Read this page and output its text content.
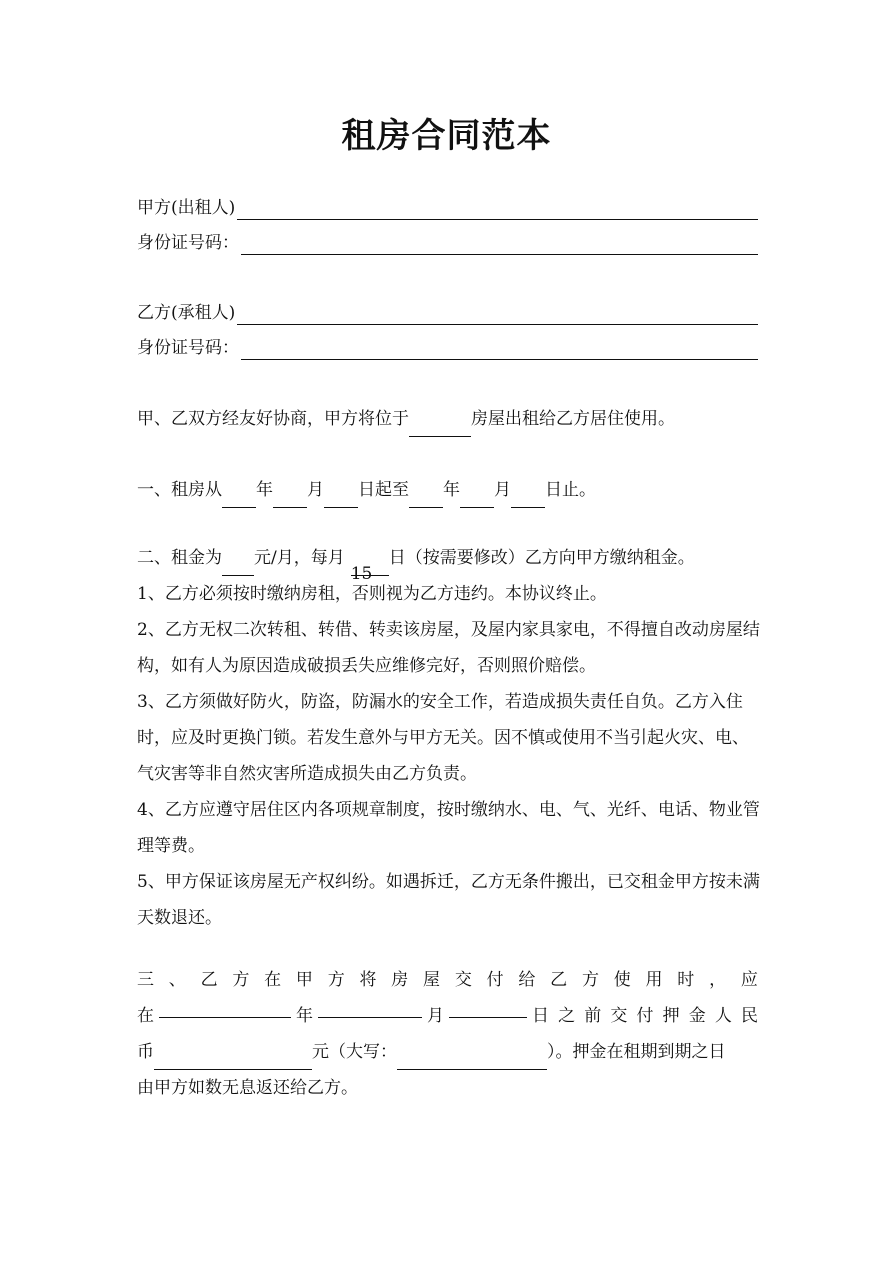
租房合同范本
甲方(出租人)
身份证号码：
乙方(承租人)
身份证号码：
甲、乙双方经友好协商，甲方将位于	房屋出租给乙方居住使用。
一、租房从 年 月 日起至 年 月 日止。
二、租金为 元/月，每月15日（按需要修改）乙方向甲方缴纳租金。
1、乙方必须按时缴纳房租，否则视为乙方违约。本协议终止。
2、乙方无权二次转租、转借、转卖该房屋，及屋内家具家电，不得擅自改动房屋结构，如有人为原因造成破损丢失应维修完好，否则照价赔偿。
3、乙方须做好防火，防盗，防漏水的安全工作，若造成损失责任自负。乙方入住时，应及时更换门锁。若发生意外与甲方无关。因不慎或使用不当引起火灾、电、气灾害等非自然灾害所造成损失由乙方负责。
4、乙方应遵守居住区内各项规章制度，按时缴纳水、电、气、光纤、电话、物业管理等费。
5、甲方保证该房屋无产权纠纷。如遇拆迁，乙方无条件搬出，已交租金甲方按未满天数退还。
三 、 乙 方 在 甲 方 将 房 屋 交 付 给 乙 方 使 用 时 ， 应
在	年	月	日 之 前 交 付 押 金 人 民
币	元（大写：	）。押金在租期到期之日
由甲方如数无息返还给乙方。
